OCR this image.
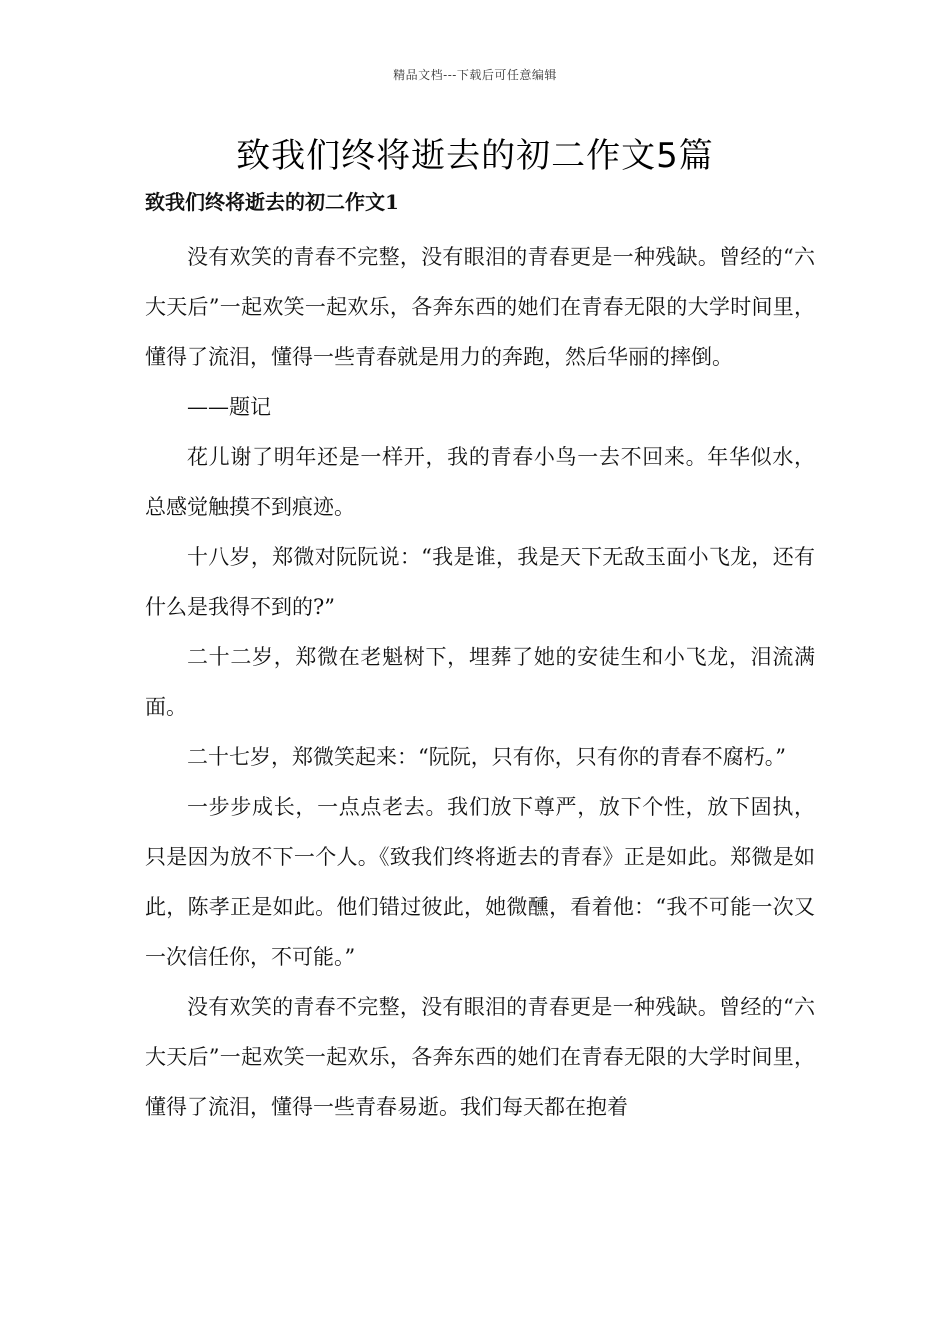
精品文档---下载后可任意编辑
致我们终将逝去的初二作文5篇
致我们终将逝去的初二作文1

没有欢笑的青春不完整，没有眼泪的青春更是一种残缺。曾经的“六大天后”一起欢笑一起欢乐，各奔东西的她们在青春无限的大学时间里，懂得了流泪，懂得一些青春就是用力的奔跑，然后华丽的摔倒。

——题记

花儿谢了明年还是一样开，我的青春小鸟一去不回来。年华似水，总感觉触摸不到痕迹。

十八岁，郑微对阮阮说：“我是谁，我是天下无敌玉面小飞龙，还有什么是我得不到的?”

二十二岁，郑微在老魁树下，埋葬了她的安徒生和小飞龙，泪流满面。

二十七岁，郑微笑起来：“阮阮，只有你，只有你的青春不腐朽。”

一步步成长，一点点老去。我们放下尊严，放下个性，放下固执，只是因为放不下一个人。《致我们终将逝去的青春》正是如此。郑微是如此，陈孝正是如此。他们错过彼此，她微醺，看着他：“我不可能一次又一次信任你，不可能。”

没有欢笑的青春不完整，没有眼泪的青春更是一种残缺。曾经的“六大天后”一起欢笑一起欢乐，各奔东西的她们在青春无限的大学时间里，懂得了流泪，懂得一些青春易逝。我们每天都在抱着
